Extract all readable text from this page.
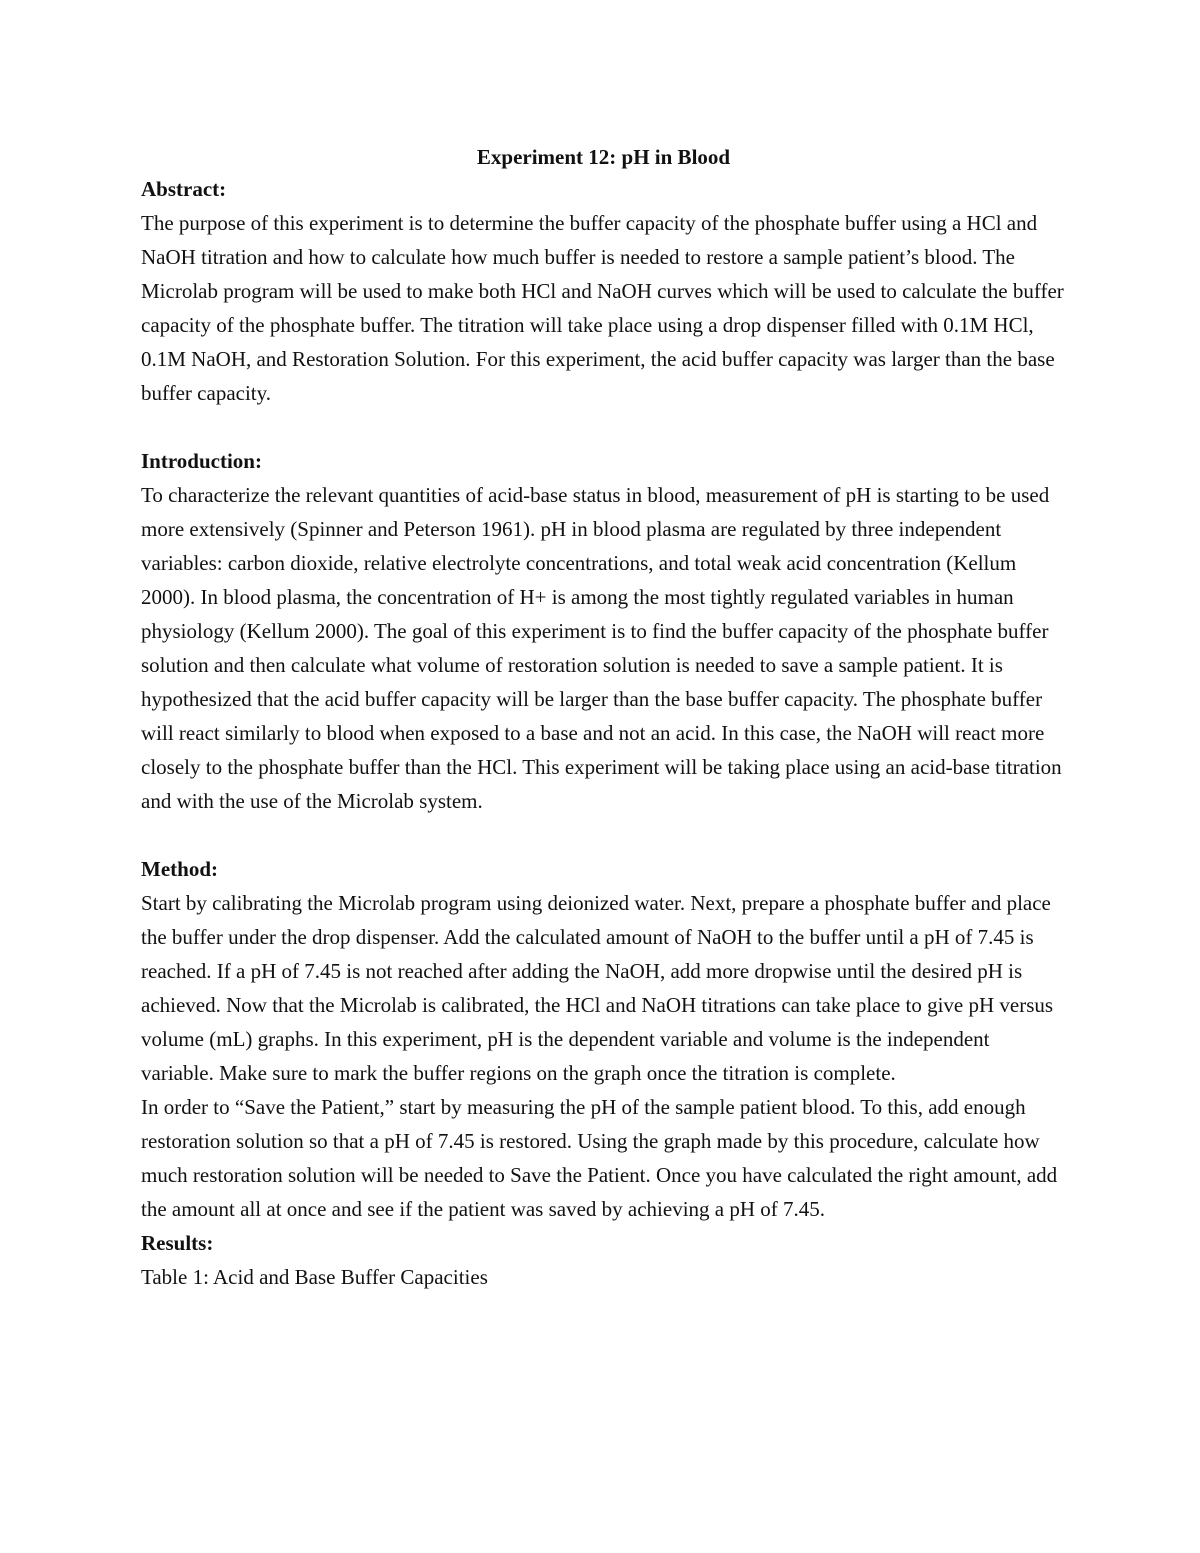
Experiment 12: pH in Blood

Abstract:

The purpose of this experiment is to determine the buffer capacity of the phosphate buffer using a HCl and NaOH titration and how to calculate how much buffer is needed to restore a sample patient’s blood. The Microlab program will be used to make both HCl and NaOH curves which will be used to calculate the buffer capacity of the phosphate buffer. The titration will take place using a drop dispenser filled with 0.1M HCl, 0.1M NaOH, and Restoration Solution. For this experiment, the acid buffer capacity was larger than the base buffer capacity.

Introduction:

To characterize the relevant quantities of acid-base status in blood, measurement of pH is starting to be used more extensively (Spinner and Peterson 1961). pH in blood plasma are regulated by three independent variables: carbon dioxide, relative electrolyte concentrations, and total weak acid concentration (Kellum 2000). In blood plasma, the concentration of H+ is among the most tightly regulated variables in human physiology (Kellum 2000). The goal of this experiment is to find the buffer capacity of the phosphate buffer solution and then calculate what volume of restoration solution is needed to save a sample patient. It is hypothesized that the acid buffer capacity will be larger than the base buffer capacity. The phosphate buffer will react similarly to blood when exposed to a base and not an acid. In this case, the NaOH will react more closely to the phosphate buffer than the HCl. This experiment will be taking place using an acid-base titration and with the use of the Microlab system.

Method:

Start by calibrating the Microlab program using deionized water. Next, prepare a phosphate buffer and place the buffer under the drop dispenser. Add the calculated amount of NaOH to the buffer until a pH of 7.45 is reached. If a pH of 7.45 is not reached after adding the NaOH, add more dropwise until the desired pH is achieved. Now that the Microlab is calibrated, the HCl and NaOH titrations can take place to give pH versus volume (mL) graphs. In this experiment, pH is the dependent variable and volume is the independent variable. Make sure to mark the buffer regions on the graph once the titration is complete.

In order to “Save the Patient,” start by measuring the pH of the sample patient blood. To this, add enough restoration solution so that a pH of 7.45 is restored. Using the graph made by this procedure, calculate how much restoration solution will be needed to Save the Patient. Once you have calculated the right amount, add the amount all at once and see if the patient was saved by achieving a pH of 7.45.

Results:

Table 1: Acid and Base Buffer Capacities
